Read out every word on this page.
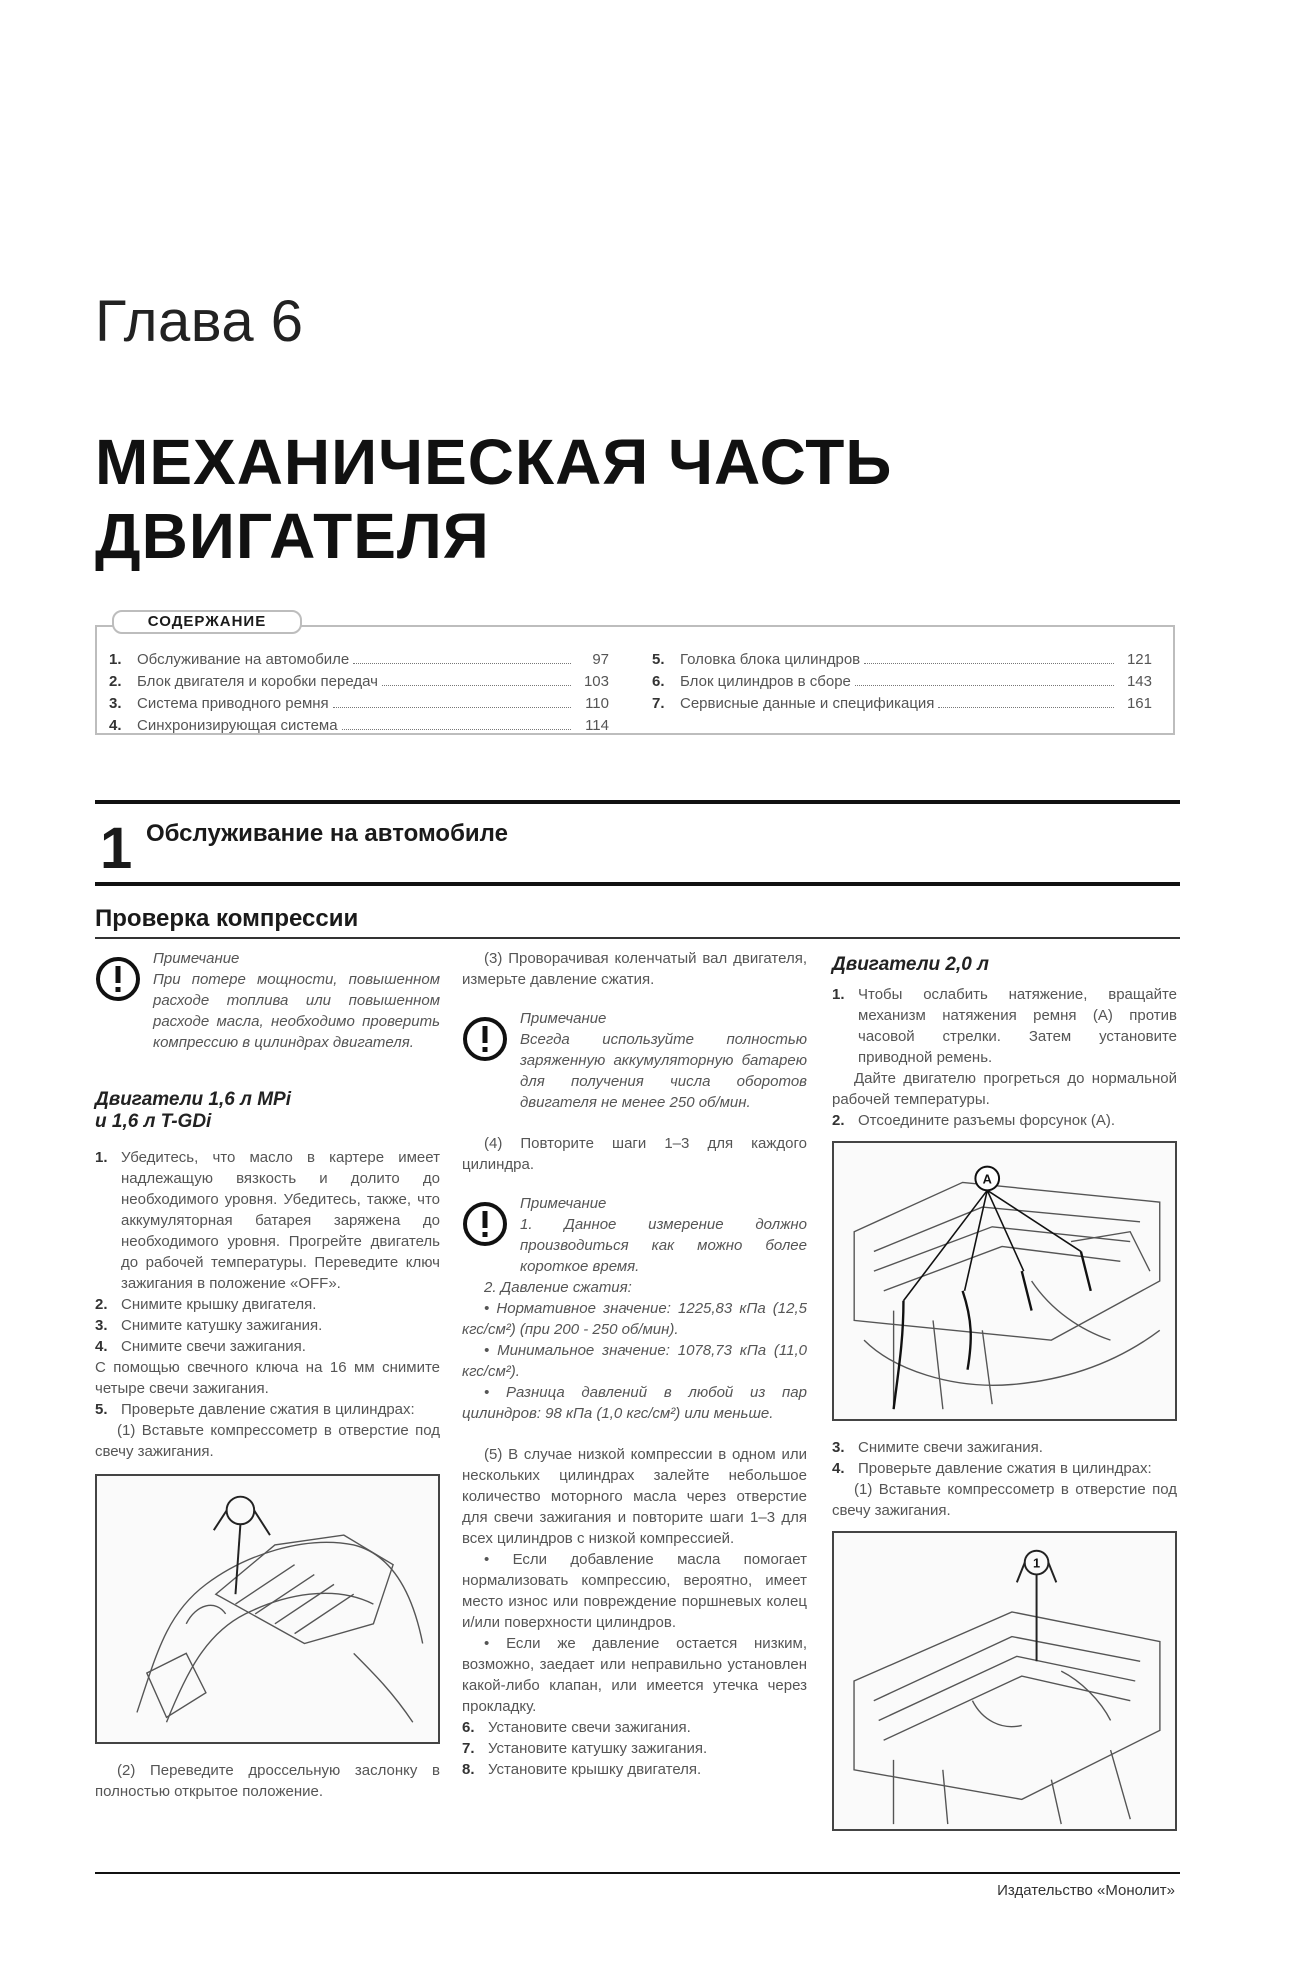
Глава 6
МЕХАНИЧЕСКАЯ ЧАСТЬ
ДВИГАТЕЛЯ
1.	Обслуживание на автомобиле	97
2.	Блок двигателя и коробки передач	103
3.	Система приводного ремня	110
4.	Синхронизирующая система	114
5.	Головка блока цилиндров	121
6.	Блок цилиндров в сборе	143
7.	Сервисные данные и спецификация	161
СОДЕРЖАНИЕ
1 Обслуживание на автомобиле
Проверка компрессии
Примечание
При потере мощности, повышенном расходе топлива или повышенном расходе масла, необходимо проверить компрессию в цилиндрах двигателя.
Двигатели 1,6 л MPi
и 1,6 л T-GDi
1. Убедитесь, что масло в картере имеет надлежащую вязкость и долито до необходимого уровня. Убедитесь, также, что аккумуляторная батарея заряжена до необходимого уровня. Прогрейте двигатель до рабочей температуры. Переведите ключ зажигания в положение «OFF».
2. Снимите крышку двигателя.
3. Снимите катушку зажигания.
4. Снимите свечи зажигания.
С помощью свечного ключа на 16 мм снимите четыре свечи зажигания.
5. Проверьте давление сжатия в цилиндрах:
(1) Вставьте компрессометр в отверстие под свечу зажигания.
(2) Переведите дроссельную заслонку в полностью открытое положение.
(3) Проворачивая коленчатый вал двигателя, измерьте давление сжатия.
Примечание
Всегда используйте полностью заряженную аккумуляторную батарею для получения числа оборотов двигателя не менее 250 об/мин.
(4) Повторите шаги 1–3 для каждого цилиндра.
Примечание
1. Данное измерение должно производиться как можно более короткое время.
2. Давление сжатия:
• Нормативное значение: 1225,83 кПа (12,5 кгс/см²) (при 200 - 250 об/мин).
• Минимальное значение: 1078,73 кПа (11,0 кгс/см²).
• Разница давлений в любой из пар цилиндров: 98 кПа (1,0 кгс/см²) или меньше.
(5) В случае низкой компрессии в одном или нескольких цилиндрах залейте небольшое количество моторного масла через отверстие для свечи зажигания и повторите шаги 1–3 для всех цилиндров с низкой компрессией.
• Если добавление масла помогает нормализовать компрессию, вероятно, имеет место износ или повреждение поршневых колец и/или поверхности цилиндров.
• Если же давление остается низким, возможно, заедает или неправильно установлен какой-либо клапан, или имеется утечка через прокладку.
6. Установите свечи зажигания.
7. Установите катушку зажигания.
8. Установите крышку двигателя.
Двигатели 2,0 л
1. Чтобы ослабить натяжение, вращайте механизм натяжения ремня (A) против часовой стрелки. Затем установите приводной ремень.
Дайте двигателю прогреться до нормальной рабочей температуры.
2. Отсоедините разъемы форсунок (A).
A
3. Снимите свечи зажигания.
4. Проверьте давление сжатия в цилиндрах:
(1) Вставьте компрессометр в отверстие под свечу зажигания.
1
Издательство «Монолит»
